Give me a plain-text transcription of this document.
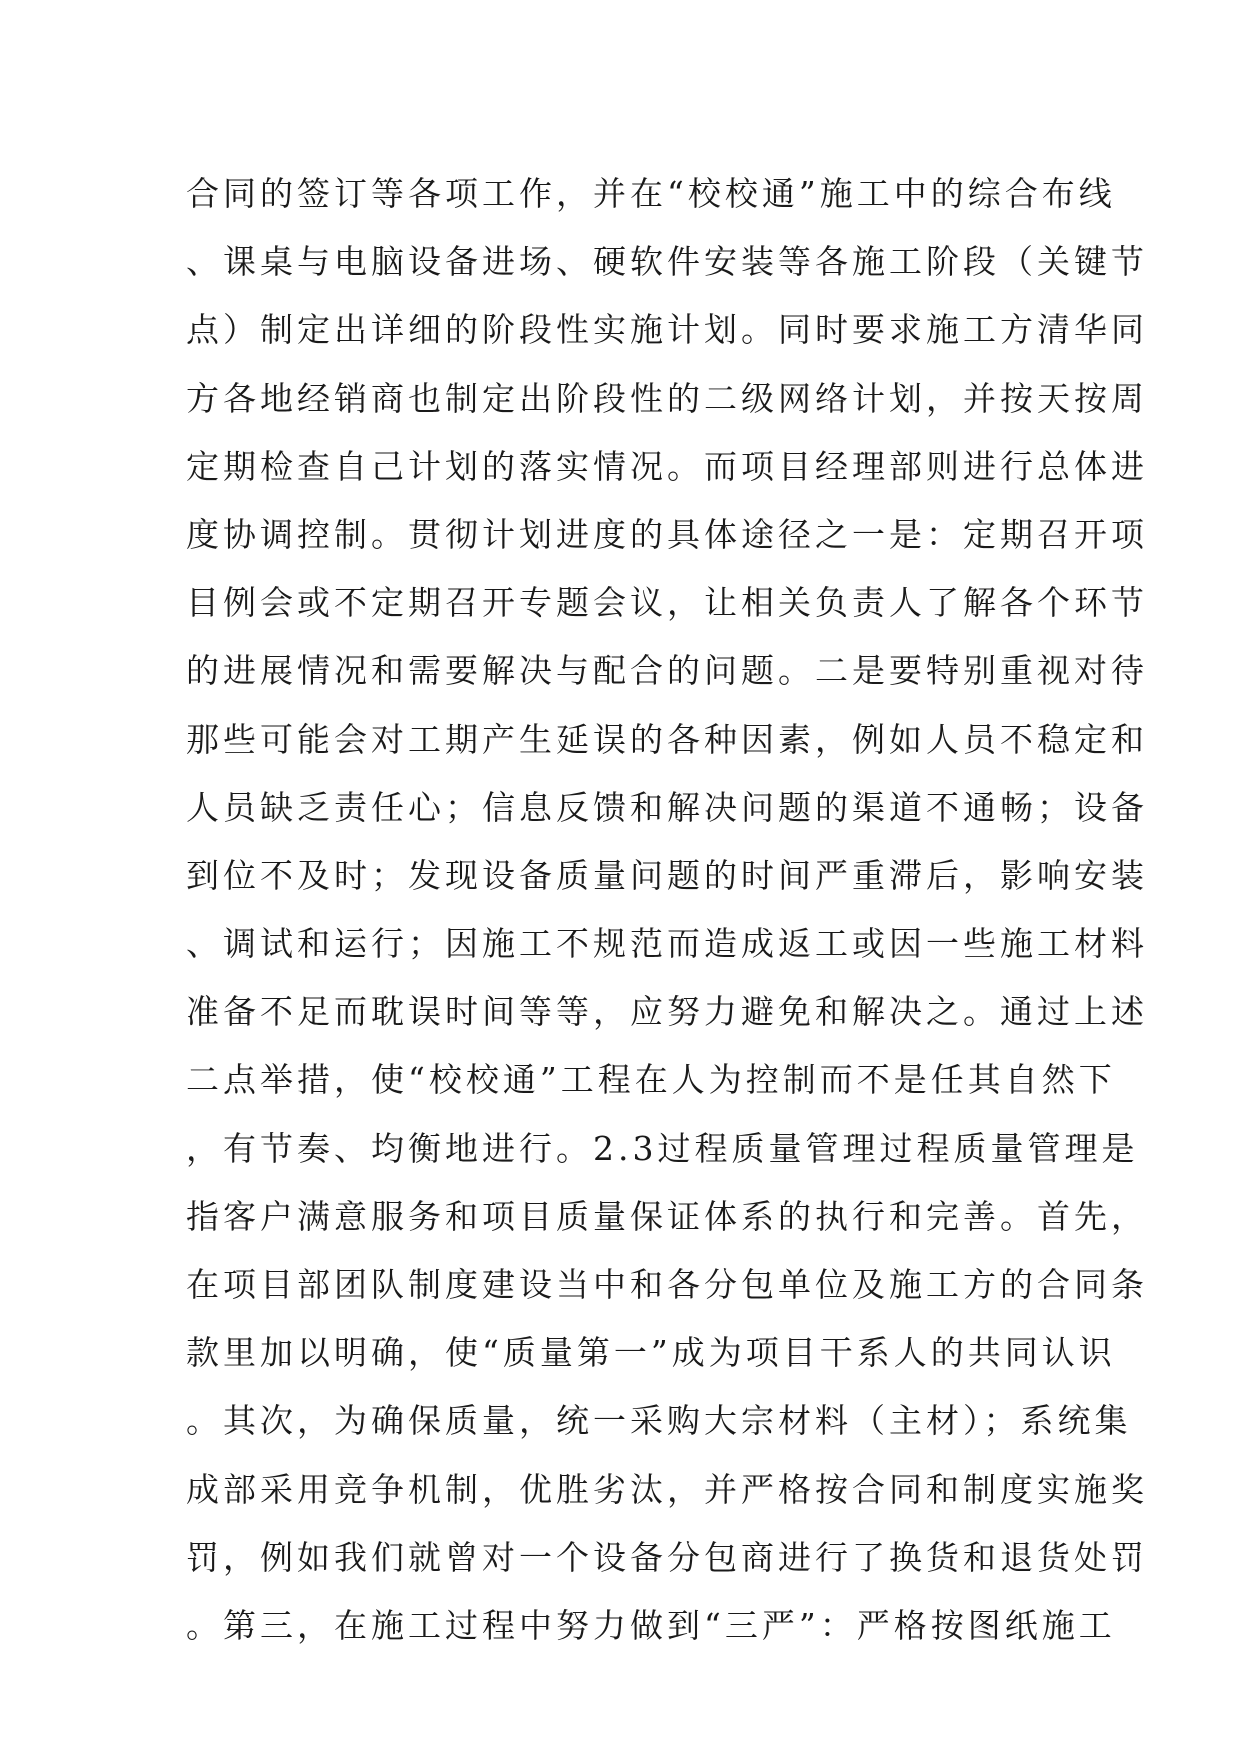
合同的签订等各项工作，并在“校校通”施工中的综合布线
、课桌与电脑设备进场、硬软件安装等各施工阶段（关键节
点）制定出详细的阶段性实施计划。同时要求施工方清华同
方各地经销商也制定出阶段性的二级网络计划，并按天按周
定期检查自己计划的落实情况。而项目经理部则进行总体进
度协调控制。贯彻计划进度的具体途径之一是：定期召开项
目例会或不定期召开专题会议，让相关负责人了解各个环节
的进展情况和需要解决与配合的问题。二是要特别重视对待
那些可能会对工期产生延误的各种因素，例如人员不稳定和
人员缺乏责任心；信息反馈和解决问题的渠道不通畅；设备
到位不及时；发现设备质量问题的时间严重滞后，影响安装
、调试和运行；因施工不规范而造成返工或因一些施工材料
准备不足而耽误时间等等，应努力避免和解决之。通过上述
二点举措，使“校校通”工程在人为控制而不是任其自然下
，有节奏、均衡地进行。2.3过程质量管理过程质量管理是
指客户满意服务和项目质量保证体系的执行和完善。首先，
在项目部团队制度建设当中和各分包单位及施工方的合同条
款里加以明确，使“质量第一”成为项目干系人的共同认识
。其次，为确保质量，统一采购大宗材料（主材）；系统集
成部采用竞争机制，优胜劣汰，并严格按合同和制度实施奖
罚，例如我们就曾对一个设备分包商进行了换货和退货处罚
。第三，在施工过程中努力做到“三严”：严格按图纸施工
